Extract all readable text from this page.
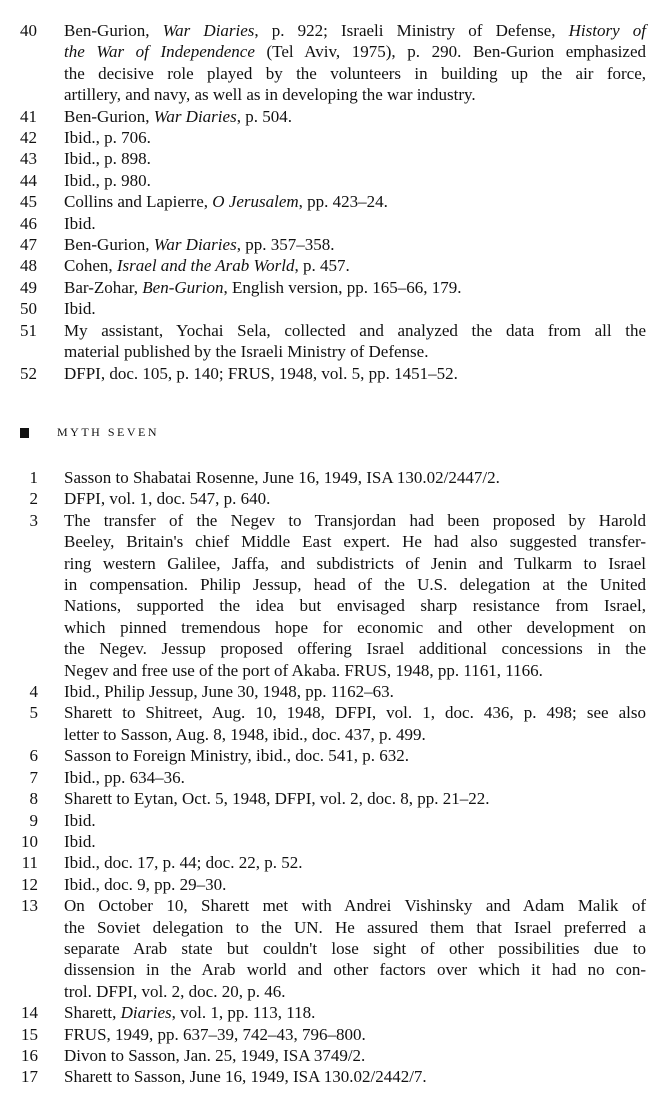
40	Ben-Gurion, War Diaries, p. 922; Israeli Ministry of Defense, History of
the War of Independence (Tel Aviv, 1975), p. 290. Ben-Gurion emphasized
the decisive role played by the volunteers in building up the air force,
artillery, and navy, as well as in developing the war industry.
41	Ben-Gurion, War Diaries, p. 504.
42	Ibid., p. 706.
43	Ibid., p. 898.
44	Ibid., p. 980.
45	Collins and Lapierre, O Jerusalem, pp. 423–24.
46	Ibid.
47	Ben-Gurion, War Diaries, pp. 357–358.
48	Cohen, Israel and the Arab World, p. 457.
49	Bar-Zohar, Ben-Gurion, English version, pp. 165–66, 179.
50	Ibid.
51	My assistant, Yochai Sela, collected and analyzed the data from all the
material published by the Israeli Ministry of Defense.
52	DFPI, doc. 105, p. 140; FRUS, 1948, vol. 5, pp. 1451–52.
MYTH SEVEN
1 Sasson to Shabatai Rosenne, June 16, 1949, ISA 130.02/2447/2.
2 DFPI, vol. 1, doc. 547, p. 640.
3 The transfer of the Negev to Transjordan had been proposed by Harold
Beeley, Britain's chief Middle East expert. He had also suggested transfer-
ring western Galilee, Jaffa, and subdistricts of Jenin and Tulkarm to Israel
in compensation. Philip Jessup, head of the U.S. delegation at the United
Nations, supported the idea but envisaged sharp resistance from Israel,
which pinned tremendous hope for economic and other development on
the Negev. Jessup proposed offering Israel additional concessions in the
Negev and free use of the port of Akaba. FRUS, 1948, pp. 1161, 1166.
4 Ibid., Philip Jessup, June 30, 1948, pp. 1162–63.
5 Sharett to Shitreet, Aug. 10, 1948, DFPI, vol. 1, doc. 436, p. 498; see also
letter to Sasson, Aug. 8, 1948, ibid., doc. 437, p. 499.
6 Sasson to Foreign Ministry, ibid., doc. 541, p. 632.
7 Ibid., pp. 634–36.
8 Sharett to Eytan, Oct. 5, 1948, DFPI, vol. 2, doc. 8, pp. 21–22.
9 Ibid.
10 Ibid.
11 Ibid., doc. 17, p. 44; doc. 22, p. 52.
12 Ibid., doc. 9, pp. 29–30.
13 On October 10, Sharett met with Andrei Vishinsky and Adam Malik of
the Soviet delegation to the UN. He assured them that Israel preferred a
separate Arab state but couldn't lose sight of other possibilities due to
dissension in the Arab world and other factors over which it had no con-
trol. DFPI, vol. 2, doc. 20, p. 46.
14 Sharett, Diaries, vol. 1, pp. 113, 118.
15 FRUS, 1949, pp. 637–39, 742–43, 796–800.
16 Divon to Sasson, Jan. 25, 1949, ISA 3749/2.
17 Sharett to Sasson, June 16, 1949, ISA 130.02/2442/7.
